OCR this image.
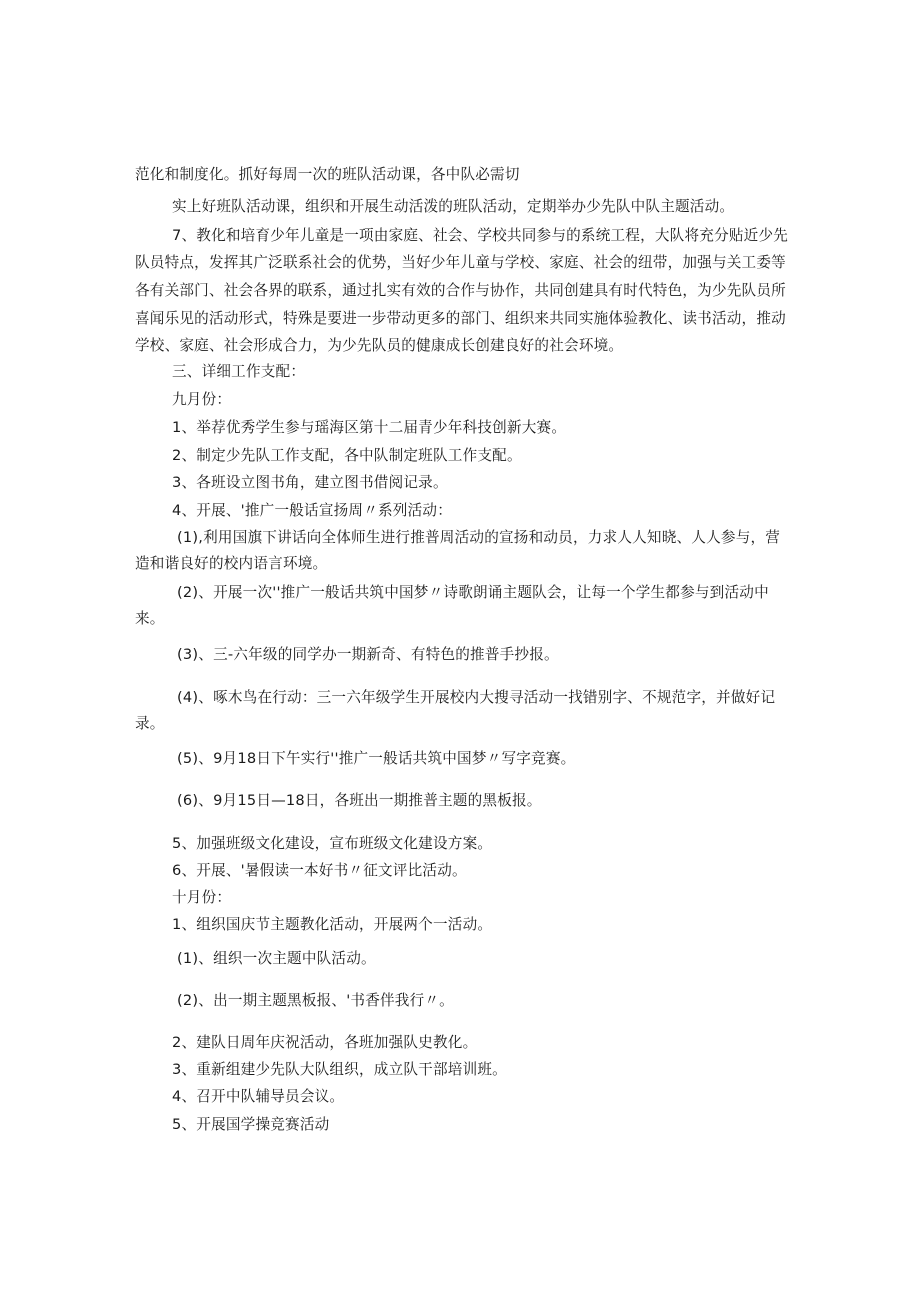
范化和制度化。抓好每周一次的班队活动课，各中队必需切
实上好班队活动课，组织和开展生动活泼的班队活动，定期举办少先队中队主题活动。
7、教化和培育少年儿童是一项由家庭、社会、学校共同参与的系统工程，大队将充分贴近少先
队员特点，发挥其广泛联系社会的优势，当好少年儿童与学校、家庭、社会的纽带，加强与关工委等
各有关部门、社会各界的联系，通过扎实有效的合作与协作，共同创建具有时代特色，为少先队员所
喜闻乐见的活动形式，特殊是要进一步带动更多的部门、组织来共同实施体验教化、读书活动，推动
学校、家庭、社会形成合力，为少先队员的健康成长创建良好的社会环境。
三、详细工作支配：
九月份：
1、举荐优秀学生参与瑶海区第十二届青少年科技创新大赛。
2、制定少先队工作支配，各中队制定班队工作支配。
3、各班设立图书角，建立图书借阅记录。
4、开展、'推广一般话宣扬周〃系列活动：
(1),利用国旗下讲话向全体师生进行推普周活动的宣扬和动员，力求人人知晓、人人参与，营
造和谐良好的校内语言环境。
(2)、开展一次''推广一般话共筑中国梦〃诗歌朗诵主题队会，让每一个学生都参与到活动中
来。
(3)、三-六年级的同学办一期新奇、有特色的推普手抄报。
(4)、啄木鸟在行动：三一六年级学生开展校内大搜寻活动一找错别字、不规范字，并做好记
录。
(5)、9月18日下午实行''推广一般话共筑中国梦〃写字竞赛。
(6)、9月15日—18日，各班出一期推普主题的黑板报。
5、加强班级文化建设，宣布班级文化建设方案。
6、开展、'暑假读一本好书〃征文评比活动。
十月份：
1、组织国庆节主题教化活动，开展两个一活动。
(1)、组织一次主题中队活动。
(2)、出一期主题黑板报、'书香伴我行〃。
2、建队日周年庆祝活动，各班加强队史教化。
3、重新组建少先队大队组织，成立队干部培训班。
4、召开中队辅导员会议。
5、开展国学操竞赛活动
